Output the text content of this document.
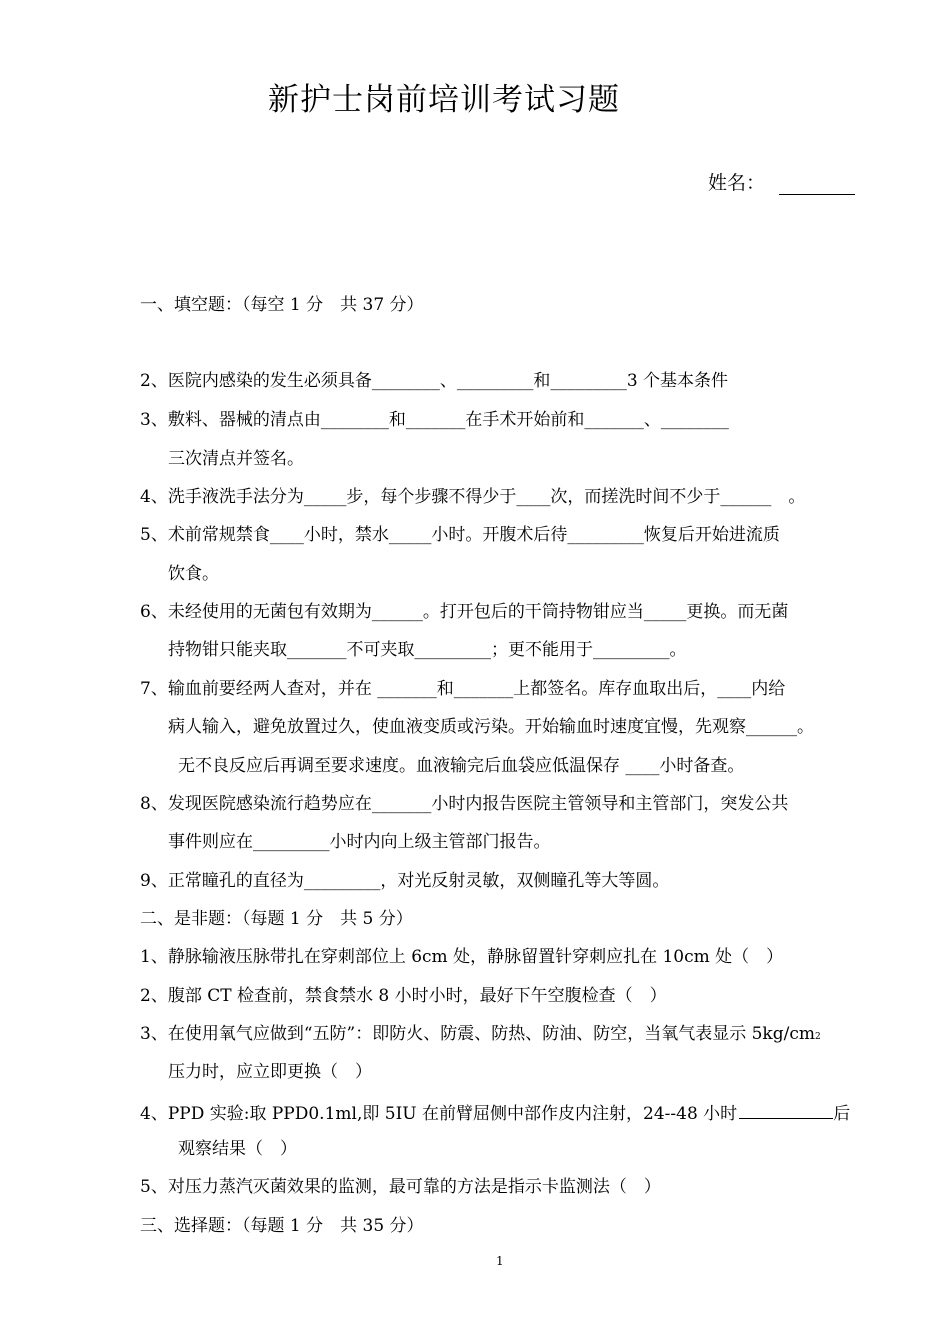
新护士岗前培训考试习题
姓名：
一、填空题：（每空 1 分　共 37 分）
2、医院内感染的发生必须具备________、_________和_________3 个基本条件
3、敷料、器械的清点由________和_______在手术开始前和_______、________
三次清点并签名。
4、洗手液洗手法分为_____步，每个步骤不得少于____次，而搓洗时间不少于______　。
5、术前常规禁食____小时，禁水_____小时。开腹术后待_________恢复后开始进流质
饮食。
6、未经使用的无菌包有效期为______。打开包后的干筒持物钳应当_____更换。而无菌
持物钳只能夹取_______不可夹取_________；更不能用于_________。
7、输血前要经两人查对，并在 _______和_______上都签名。库存血取出后，____内给
病人输入，避免放置过久，使血液变质或污染。开始输血时速度宜慢，先观察______。
无不良反应后再调至要求速度。血液输完后血袋应低温保存 ____小时备查。
8、发现医院感染流行趋势应在_______小时内报告医院主管领导和主管部门，突发公共
事件则应在_________小时内向上级主管部门报告。
9、正常瞳孔的直径为_________，对光反射灵敏，双侧瞳孔等大等圆。
二、是非题：（每题 1 分　共 5 分）
1、静脉输液压脉带扎在穿刺部位上 6cm 处，静脉留置针穿刺应扎在 10cm 处（　）
2、腹部 CT 检查前，禁食禁水 8 小时小时，最好下午空腹检查（　）
3、在使用氧气应做到“五防”：即防火、防震、防热、防油、防空，当氧气表显示 5kg/cm2
压力时，应立即更换（　）
4、PPD 实验:取 PPD0.1ml,即 5IU 在前臂屈侧中部作皮内注射，24--48 小时	后
观察结果（　）
5、对压力蒸汽灭菌效果的监测，最可靠的方法是指示卡监测法（　）
三、选择题：（每题 1 分　共 35 分）
1
